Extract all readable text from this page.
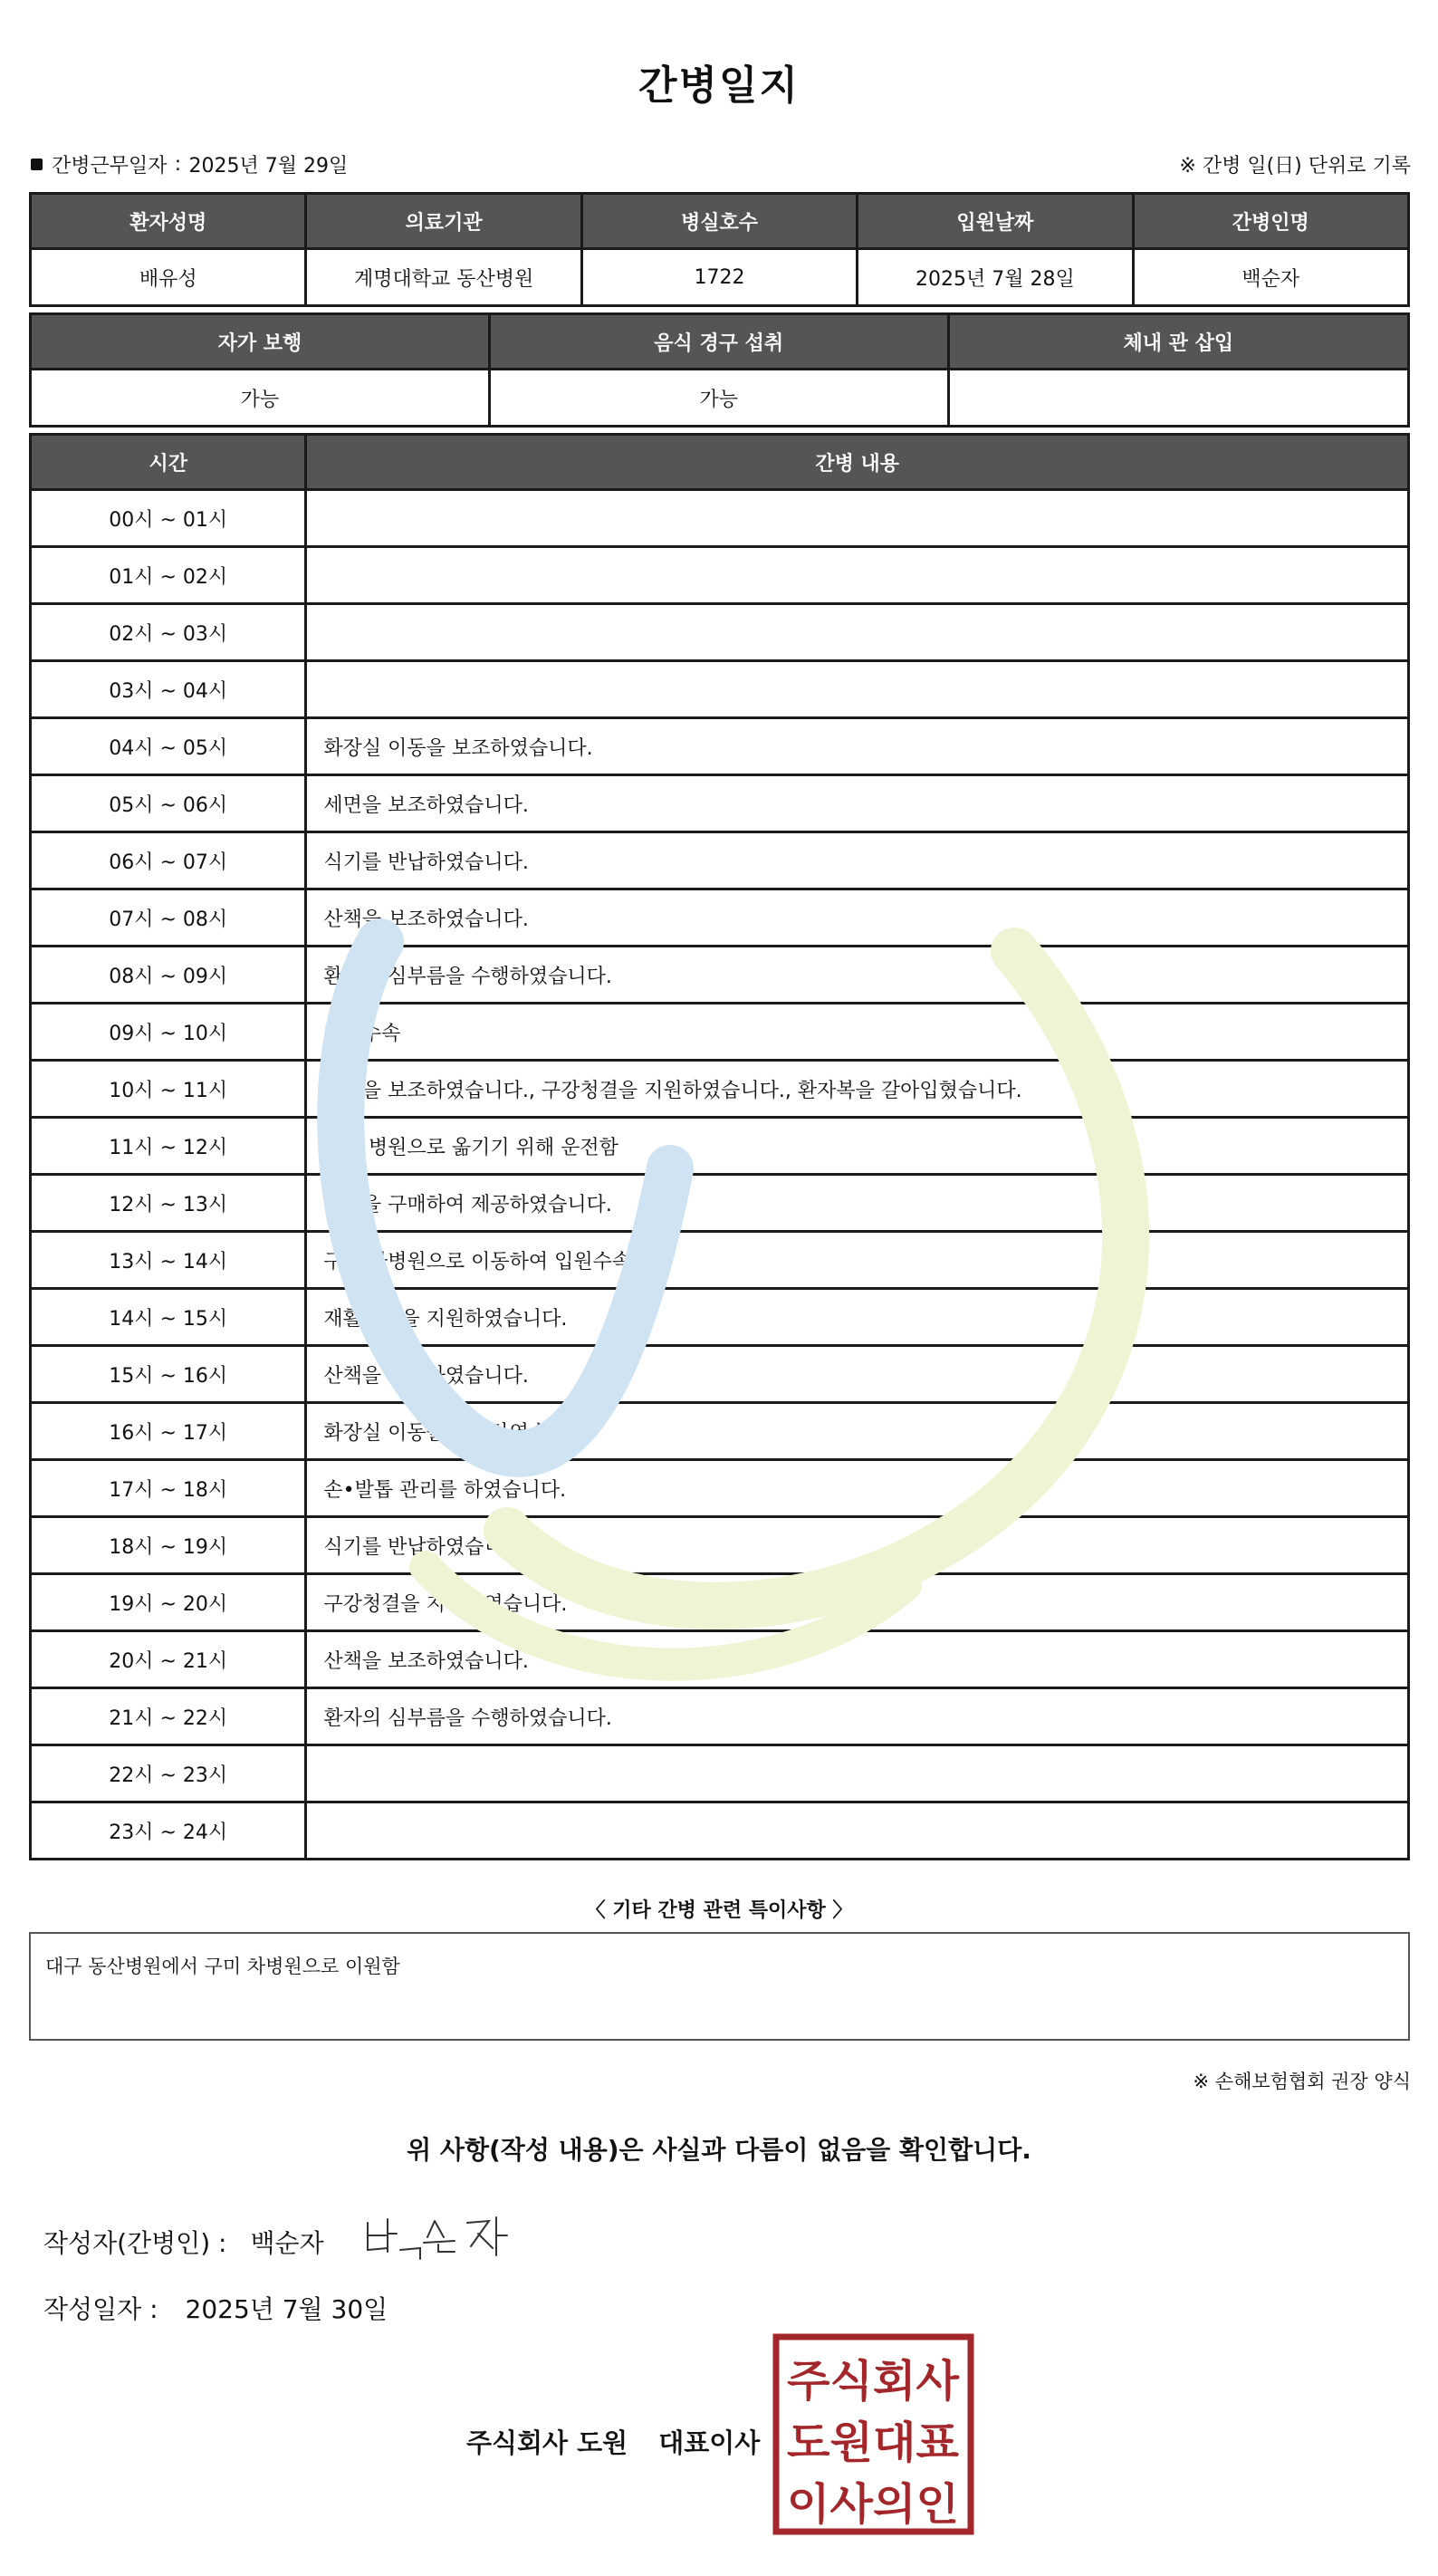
간병일지
간병근무일자 : 2025년 7월 29일	※ 간병 일(日) 단위로 기록
환자성명	의료기관	병실호수	입원날짜	간병인명
배유성	계명대학교 동산병원	1722	2025년 7월 28일	백순자
자가 보행	음식 경구 섭취	체내 관 삽입
가능	가능	
시간	간병 내용
00시 ~ 01시	
01시 ~ 02시	
02시 ~ 03시	
03시 ~ 04시	
04시 ~ 05시	화장실 이동을 보조하였습니다.
05시 ~ 06시	세면을 보조하였습니다.
06시 ~ 07시	식기를 반납하였습니다.
07시 ~ 08시	산책을 보조하였습니다.
08시 ~ 09시	환자의 심부름을 수행하였습니다.
09시 ~ 10시	퇴원수속
10시 ~ 11시	세면을 보조하였습니다., 구강청결을 지원하였습니다., 환자복을 갈아입혔습니다.
11시 ~ 12시	다른 병원으로 옮기기 위해 운전함
12시 ~ 13시	간식을 구매하여 제공하였습니다.
13시 ~ 14시	구미 차병원으로 이동하여 입원수속
14시 ~ 15시	재활운동을 지원하였습니다.
15시 ~ 16시	산책을 보조하였습니다.
16시 ~ 17시	화장실 이동을 보조하였습니다.
17시 ~ 18시	손•발톱 관리를 하였습니다.
18시 ~ 19시	식기를 반납하였습니다.
19시 ~ 20시	구강청결을 지원하였습니다.
20시 ~ 21시	산책을 보조하였습니다.
21시 ~ 22시	환자의 심부름을 수행하였습니다.
22시 ~ 23시	
23시 ~ 24시	
〈 기타 간병 관련 특이사항 〉
대구 동산병원에서 구미 차병원으로 이원함
※ 손해보험협회 권장 양식
위 사항(작성 내용)은 사실과 다름이 없음을 확인합니다.
작성자(간병인) : 백순자
작성일자 : 2025년 7월 30일
주식회사 도원 대표이사
주식회사
도원대표
이사의인
